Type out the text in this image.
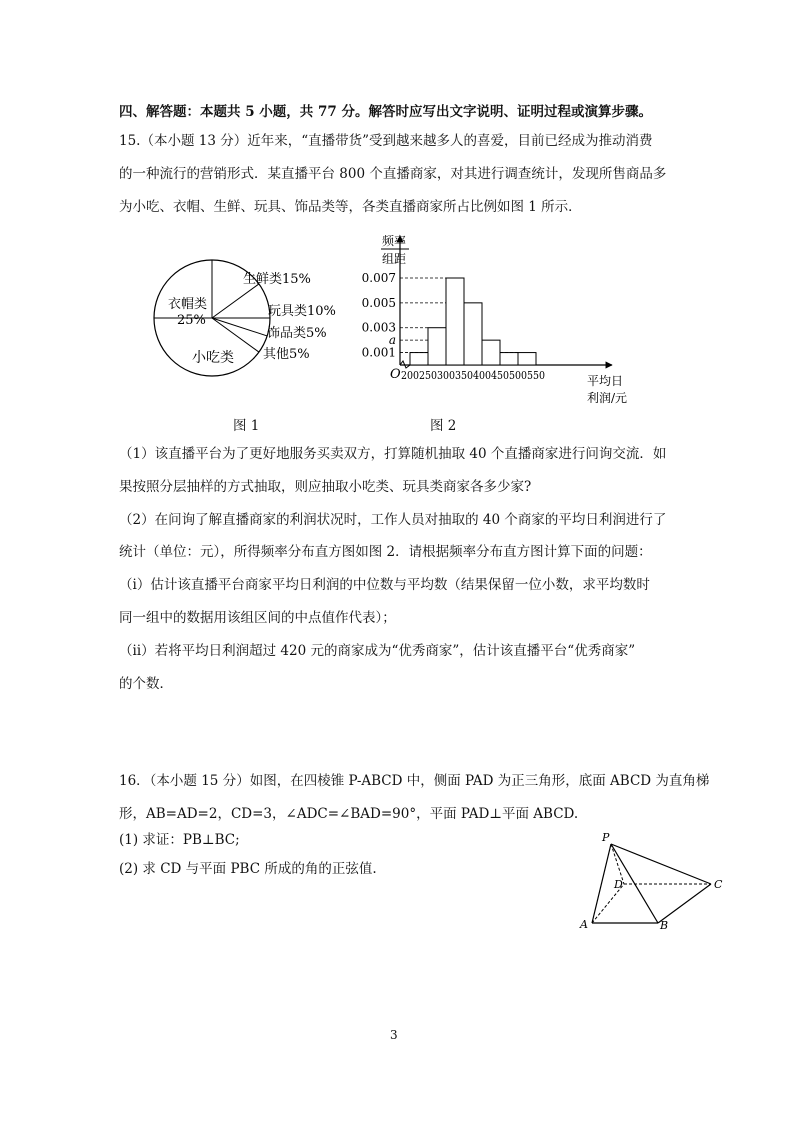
四、解答题：本题共 5 小题，共 77 分。解答时应写出文字说明、证明过程或演算步骤。
15.（本小题 13 分）近年来，“直播带货”受到越来越多人的喜爱，目前已经成为推动消费
的一种流行的营销形式．某直播平台 800 个直播商家，对其进行调查统计，发现所售商品多
为小吃、衣帽、生鲜、玩具、饰品类等，各类直播商家所占比例如图 1 所示．
生鲜类15%
玩具类10%
饰品类5%
其他5%
小吃类
衣帽类
25%
0.007
0.005
0.003
a
0.001
200 250 300 350 400 450 500 550
频率
组距
平均日
利润/元
O
图 1	图 2
（1）该直播平台为了更好地服务买卖双方，打算随机抽取 40 个直播商家进行问询交流．如
果按照分层抽样的方式抽取，则应抽取小吃类、玩具类商家各多少家?
（2）在问询了解直播商家的利润状况时，工作人员对抽取的 40 个商家的平均日利润进行了
统计（单位：元），所得频率分布直方图如图 2．请根据频率分布直方图计算下面的问题：
（ⅰ）估计该直播平台商家平均日利润的中位数与平均数（结果保留一位小数，求平均数时
同一组中的数据用该组区间的中点值作代表）；
（ⅱ）若将平均日利润超过 420 元的商家成为“优秀商家”，估计该直播平台“优秀商家”
的个数．
16．（本小题 15 分）如图，在四棱锥 P-ABCD 中，侧面 PAD 为正三角形，底面 ABCD 为直角梯
形，AB=AD=2，CD=3，∠ADC=∠BAD=90°，平面 PAD⊥平面 ABCD.
(1) 求证：PB⊥BC;
(2) 求 CD 与平面 PBC 所成的角的正弦值.
P
D	C
A	B
3
